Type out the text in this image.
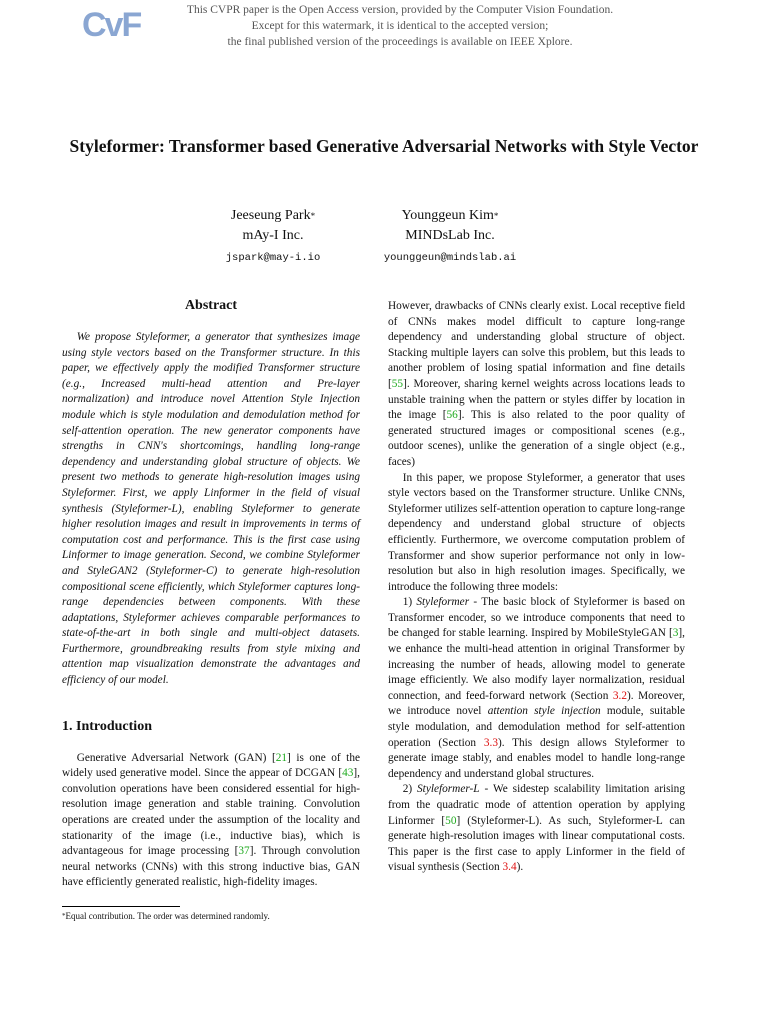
CvF	This CVPR paper is the Open Access version, provided by the Computer Vision Foundation.
Except for this watermark, it is identical to the accepted version;
the final published version of the proceedings is available on IEEE Xplore.
Styleformer: Transformer based Generative Adversarial Networks with Style Vector
Jeeseung Park*
mAy-I Inc.
jspark@may-i.io
Younggeun Kim*
MINDsLab Inc.
younggeun@mindslab.ai
Abstract
We propose Styleformer, a generator that synthesizes image using style vectors based on the Transformer structure. In this paper, we effectively apply the modified Transformer structure (e.g., Increased multi-head attention and Pre-layer normalization) and introduce novel Attention Style Injection module which is style modulation and demodulation method for self-attention operation. The new generator components have strengths in CNN's shortcomings, handling long-range dependency and understanding global structure of objects. We present two methods to generate high-resolution images using Styleformer. First, we apply Linformer in the field of visual synthesis (Styleformer-L), enabling Styleformer to generate higher resolution images and result in improvements in terms of computation cost and performance. This is the first case using Linformer to image generation. Second, we combine Styleformer and StyleGAN2 (Styleformer-C) to generate high-resolution compositional scene efficiently, which Styleformer captures long-range dependencies between components. With these adaptations, Styleformer achieves comparable performances to state-of-the-art in both single and multi-object datasets. Furthermore, groundbreaking results from style mixing and attention map visualization demonstrate the advantages and efficiency of our model.
1. Introduction

Generative Adversarial Network (GAN) [21] is one of the widely used generative model. Since the appear of DCGAN [43], convolution operations have been considered essential for high-resolution image generation and stable training. Convolution operations are created under the assumption of the locality and stationarity of the image (i.e., inductive bias), which is advantageous for image processing [37]. Through convolution neural networks (CNNs) with this strong inductive bias, GAN have efficiently generated realistic, high-fidelity images.

However, drawbacks of CNNs clearly exist. Local receptive field of CNNs makes model difficult to capture long-range dependency and understanding global structure of object. Stacking multiple layers can solve this problem, but this leads to another problem of losing spatial information and fine details [55]. Moreover, sharing kernel weights across locations leads to unstable training when the pattern or styles differ by location in the image [56]. This is also related to the poor quality of generated structured images or compositional scenes (e.g., outdoor scenes), unlike the generation of a single object (e.g., faces)

In this paper, we propose Styleformer, a generator that uses style vectors based on the Transformer structure. Unlike CNNs, Styleformer utilizes self-attention operation to capture long-range dependency and understand global structure of objects efficiently. Furthermore, we overcome computation problem of Transformer and show superior performance not only in low-resolution but also in high resolution images. Specifically, we introduce the following three models:

1) Styleformer - The basic block of Styleformer is based on Transformer encoder, so we introduce components that need to be changed for stable learning. Inspired by MobileStyleGAN [3], we enhance the multi-head attention in original Transformer by increasing the number of heads, allowing model to generate image efficiently. We also modify layer normalization, residual connection, and feed-forward network (Section 3.2). Moreover, we introduce novel attention style injection module, suitable style modulation, and demodulation method for self-attention operation (Section 3.3). This design allows Styleformer to generate image stably, and enables model to handle long-range dependency and understand global structures.

2) Styleformer-L - We sidestep scalability limitation arising from the quadratic mode of attention operation by applying Linformer [50] (Styleformer-L). As such, Styleformer-L can generate high-resolution images with linear computational costs. This paper is the first case to apply Linformer in the field of visual synthesis (Section 3.4).

*Equal contribution. The order was determined randomly.
